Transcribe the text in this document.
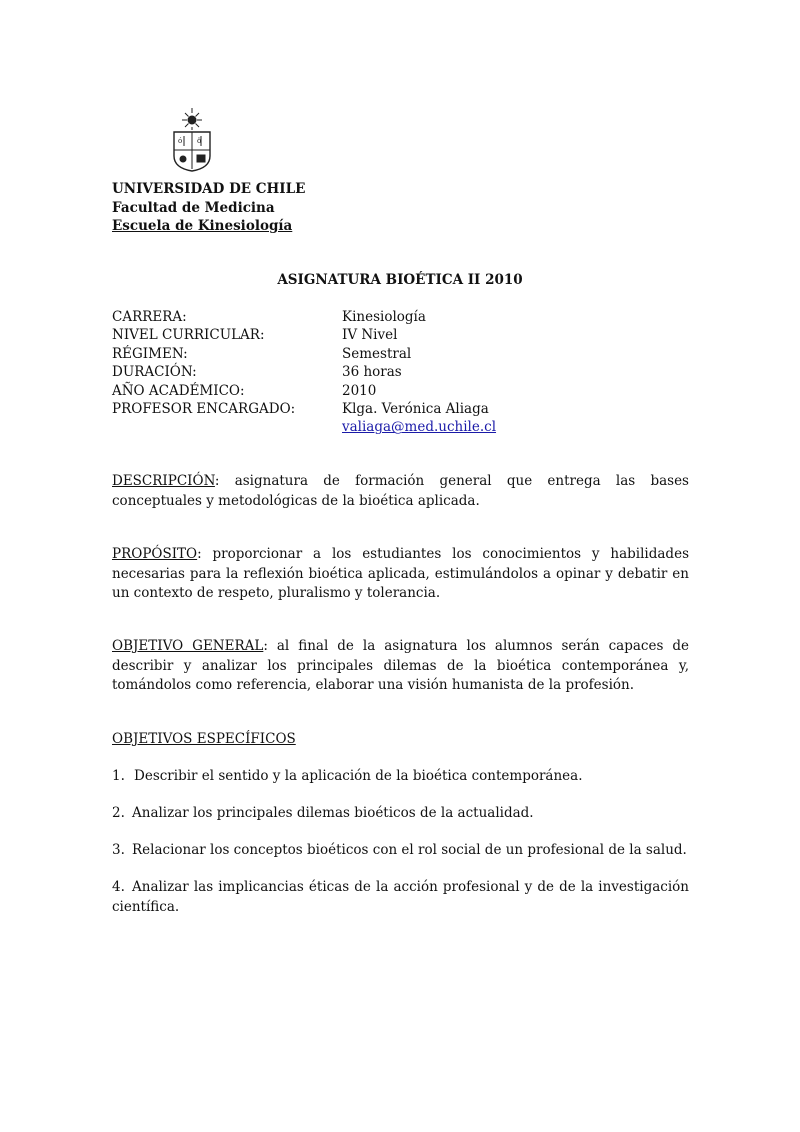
ó ö
UNIVERSIDAD DE CHILE
Facultad de Medicina
Escuela de Kinesiología
ASIGNATURA BIOÉTICA II 2010
CARRERA:	Kinesiología
NIVEL CURRICULAR:	IV Nivel
RÉGIMEN:	Semestral
DURACIÓN:	36 horas
AÑO ACADÉMICO:	2010
PROFESOR ENCARGADO:	Klga. Verónica Aliaga
valiaga@med.uchile.cl
DESCRIPCIÓN: asignatura de formación general que entrega las bases conceptuales y metodológicas de la bioética aplicada.
PROPÓSITO: proporcionar a los estudiantes los conocimientos y habilidades necesarias para la reflexión bioética aplicada, estimulándolos a opinar y debatir en un contexto de respeto, pluralismo y tolerancia.
OBJETIVO GENERAL: al final de la asignatura los alumnos serán capaces de describir y analizar los principales dilemas de la bioética contemporánea y, tomándolos como referencia, elaborar una visión humanista de la profesión.
OBJETIVOS ESPECÍFICOS
1. Describir el sentido y la aplicación de la bioética contemporánea.
2. Analizar los principales dilemas bioéticos de la actualidad.
3. Relacionar los conceptos bioéticos con el rol social de un profesional de la salud.
4. Analizar las implicancias éticas de la acción profesional y de de la investigación científica.
